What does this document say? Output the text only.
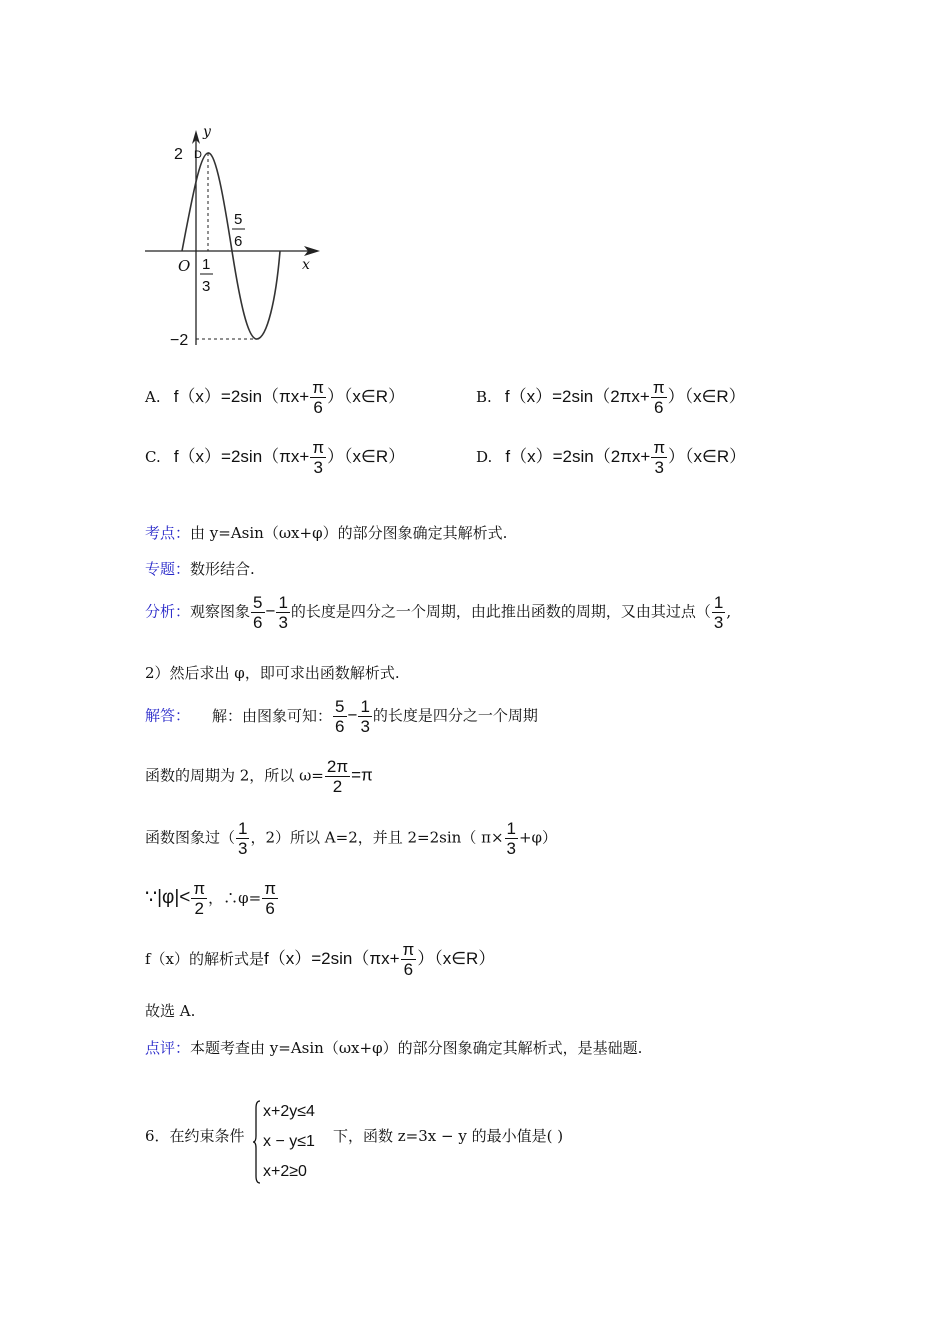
y
x
O
2 D
−2
1
3
5
6
A. $f(x)=2\sin(\pi x+ \frac{\pi}{6}$ ）（x∈R）	B. $f(x)=2\sin(2\pi x+ \frac{\pi}{6}$ ）（x∈R）
C. $f(x)=2\sin(\pi x+ \frac{\pi}{3}$ ）（x∈R）	D. $f(x)=2\sin(2\pi x+ \frac{\pi}{3}$ ）（x∈R）
考点：由 y=Asin（ωx+φ）的部分图象确定其解析式.
专题：数形结合.
分析：观察图象 $\frac{5}{6} - \frac{1}{3}$ 的长度是四分之一个周期，由此推出函数的周期，又由其过点（ $\frac{1}{3}$ ,
2）然后求出 φ，即可求出函数解析式.
解答： 解：由图象可知： $\frac{5}{6} - \frac{1}{3}$ 的长度是四分之一个周期
函数的周期为 2，所以 $\omega= \frac{2\pi}{2} =\pi$
函数图象过（ $\frac{1}{3}$ ，2）所以 A=2，并且 2=2sin（ $\pi\times \frac{1}{3} +\varphi$）
∵|φ|< $\frac{\pi}{2}$ ，∴φ= $\frac{\pi}{6}$
f（x）的解析式是$f(x)=2\sin(\pi x+ \frac{\pi}{6}$ ）（x∈R）
故选 A.
点评：本题考查由 y=Asin（ωx+φ）的部分图象确定其解析式，是基础题.
6．在约束条件
x+2y≤4
x − y≤1
x+2≥0
下，函数 z=3x − y 的最小值是( )
